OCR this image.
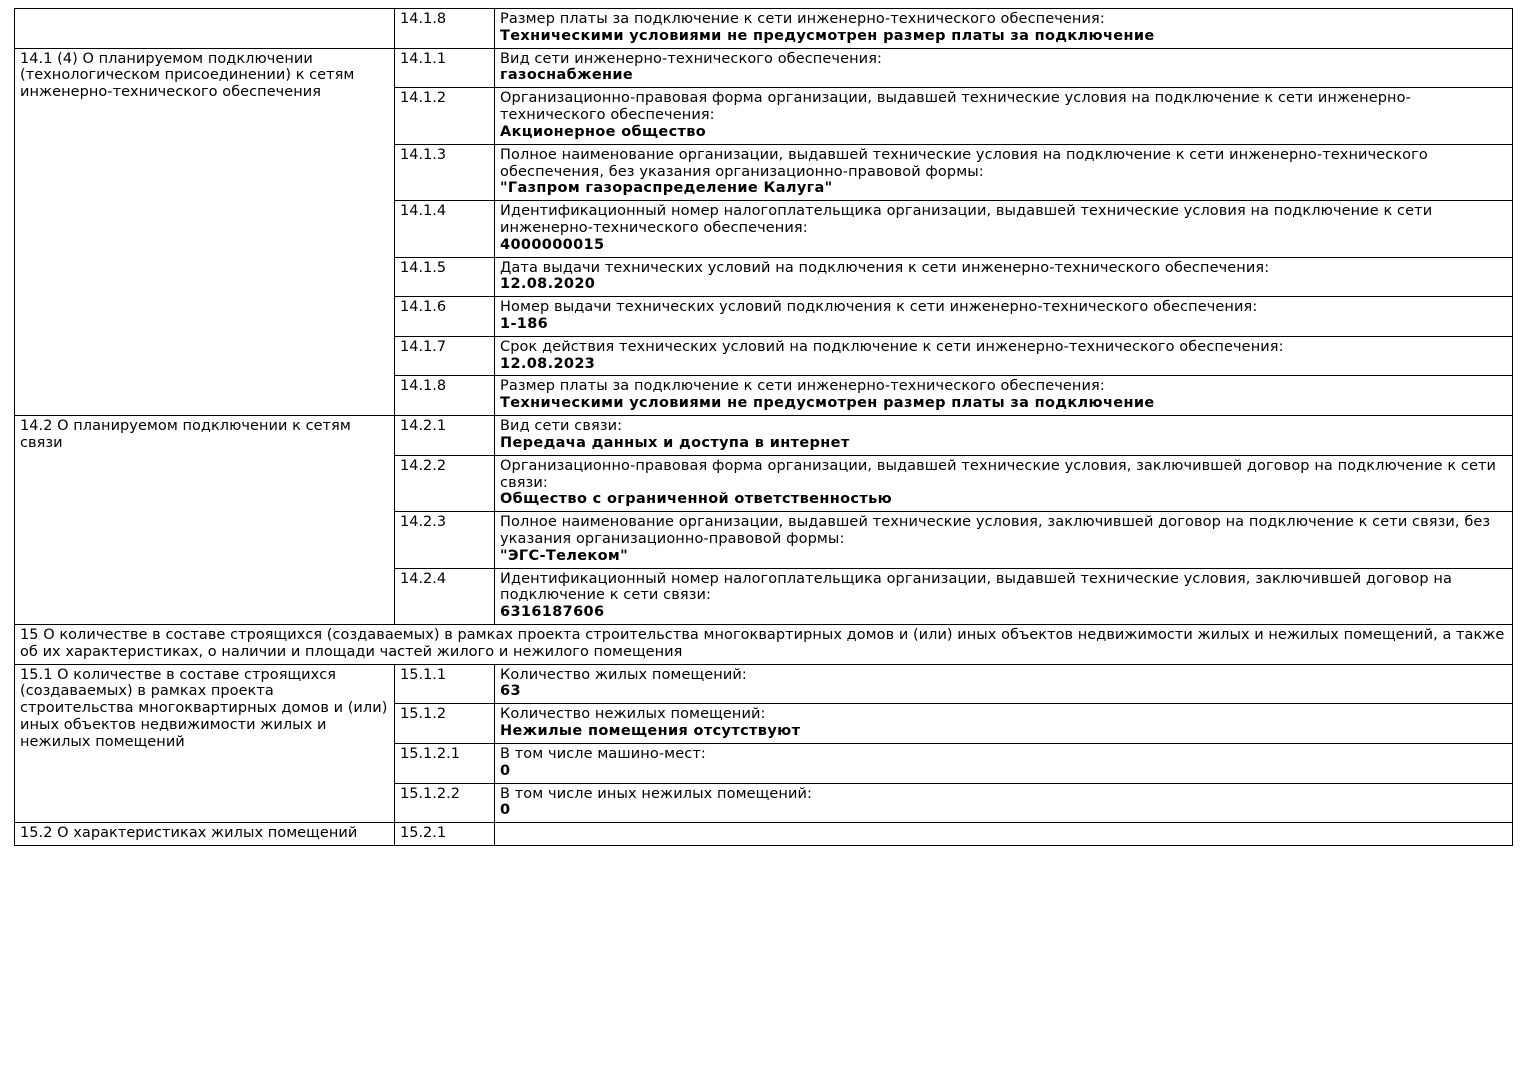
	14.1.8	Размер платы за подключение к сети инженерно-технического обеспечения:
Техническими условиями не предусмотрен размер платы за подключение

14.1 (4) О планируемом подключении (технологическом присоединении) к сетям инженерно-технического обеспечения	14.1.1	Вид сети инженерно-технического обеспечения:
газоснабжение

	14.1.2	Организационно-правовая форма организации, выдавшей технические условия на подключение к сети инженерно-технического обеспечения:
Акционерное общество

	14.1.3	Полное наименование организации, выдавшей технические условия на подключение к сети инженерно-технического обеспечения, без указания организационно-правовой формы:
"Газпром газораспределение Калуга"

	14.1.4	Идентификационный номер налогоплательщика организации, выдавшей технические условия на подключение к сети инженерно-технического обеспечения:
4000000015

	14.1.5	Дата выдачи технических условий на подключения к сети инженерно-технического обеспечения:
12.08.2020

	14.1.6	Номер выдачи технических условий подключения к сети инженерно-технического обеспечения:
1-186

	14.1.7	Срок действия технических условий на подключение к сети инженерно-технического обеспечения:
12.08.2023

	14.1.8	Размер платы за подключение к сети инженерно-технического обеспечения:
Техническими условиями не предусмотрен размер платы за подключение

14.2 О планируемом подключении к сетям связи	14.2.1	Вид сети связи:
Передача данных и доступа в интернет

	14.2.2	Организационно-правовая форма организации, выдавшей технические условия, заключившей договор на подключение к сети связи:
Общество с ограниченной ответственностью

	14.2.3	Полное наименование организации, выдавшей технические условия, заключившей договор на подключение к сети связи, без указания организационно-правовой формы:
"ЭГС-Телеком"

	14.2.4	Идентификационный номер налогоплательщика организации, выдавшей технические условия, заключившей договор на подключение к сети связи:
6316187606

15 О количестве в составе строящихся (создаваемых) в рамках проекта строительства многоквартирных домов и (или) иных объектов недвижимости жилых и нежилых помещений, а также об их характеристиках, о наличии и площади частей жилого и нежилого помещения		
15.1 О количестве в составе строящихся (создаваемых) в рамках проекта строительства многоквартирных домов и (или) иных объектов недвижимости жилых и нежилых помещений	15.1.1	Количество жилых помещений:
63

	15.1.2	Количество нежилых помещений:
Нежилые помещения отсутствуют

	15.1.2.1	В том числе машино-мест:
0

	15.1.2.2	В том числе иных нежилых помещений:
0

15.2 О характеристиках жилых помещений	15.2.1	
